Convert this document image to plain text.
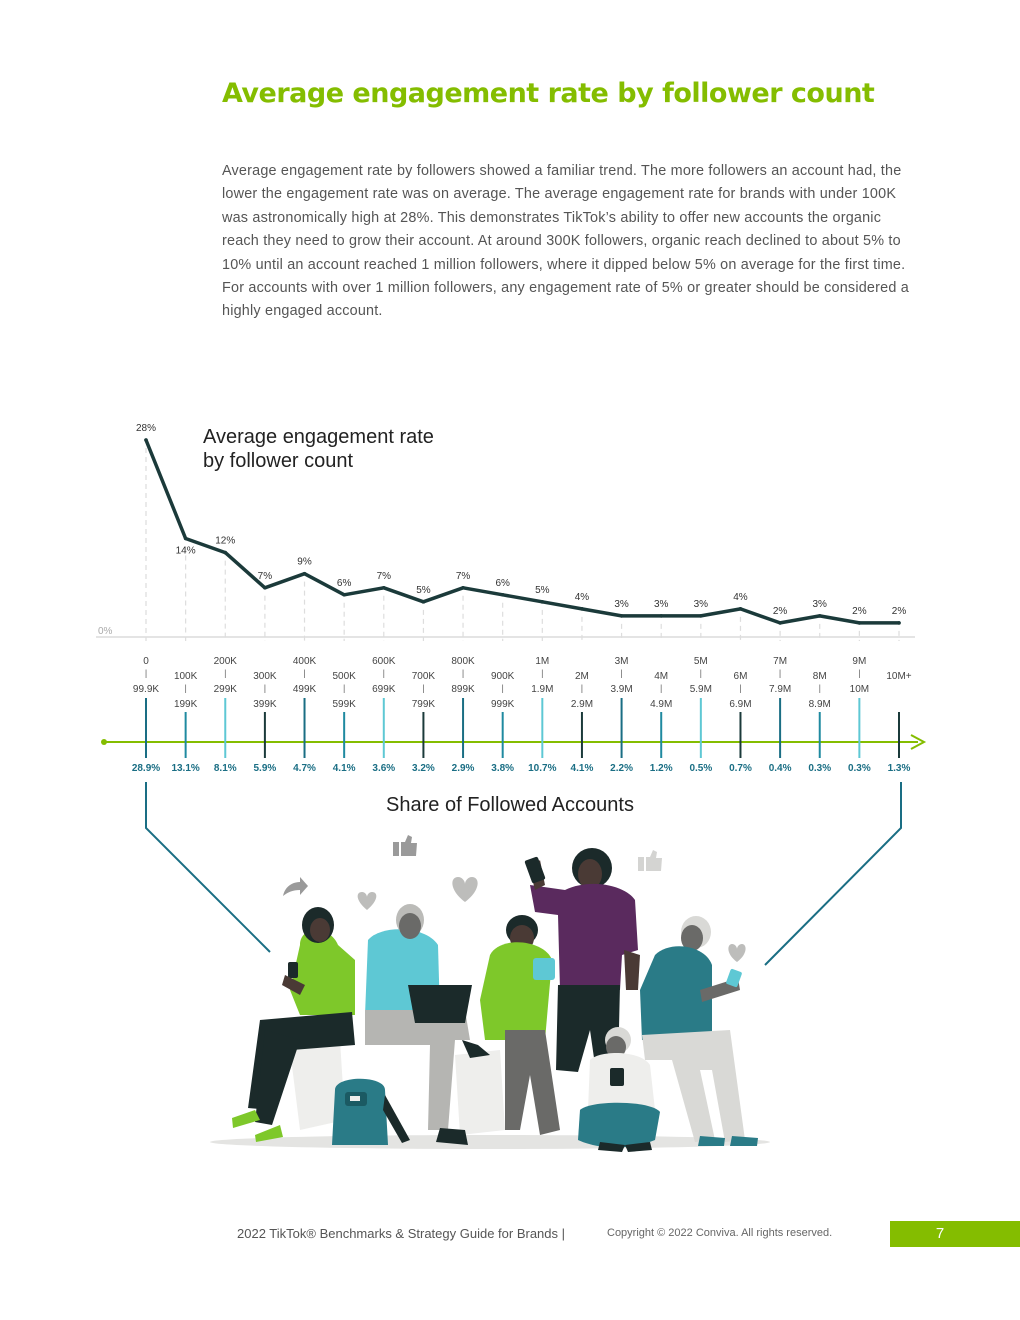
Average engagement rate by follower count

Average engagement rate by followers showed a familiar trend. The more followers an account had, the lower the engagement rate was on average. The average engagement rate for brands with under 100K was astronomically high at 28%. This demonstrates TikTok’s ability to offer new accounts the organic reach they need to grow their account. At around 300K followers, organic reach declined to about 5% to 10% until an account reached 1 million followers, where it dipped below 5% on average for the first time. For accounts with over 1 million followers, any engagement rate of 5% or greater should be considered a highly engaged account.

Average engagement rate
by follower count
0%
28%
14%
12%
7%
9%
6%
7%
5%
7%
6%
5%
4%
3%	3%	3%
4%
2%
3%
2%	2%
0
|
99.9K
100K
|
199K
200K
|
299K
300K
|
399K
400K
|
499K
500K
|
599K
600K
|
699K
700K
|
799K
800K
|
899K
900K
|
999K
1M
|
1.9M
2M
|
2.9M
3M
|
3.9M
4M
|
4.9M
5M
|
5.9M
6M
|
6.9M
7M
|
7.9M
8M
|
8.9M
9M
|
10M
10M+
28.9% 13.1% 8.1% 5.9% 4.7% 4.1% 3.6% 3.2% 2.9% 3.8% 10.7% 4.1% 2.2% 1.2% 0.5% 0.7% 0.4% 0.3% 0.3% 1.3%
Share of Followed Accounts
2022 TikTok® Benchmarks & Strategy Guide for Brands |	Copyright © 2022 Conviva. All rights reserved.	7
